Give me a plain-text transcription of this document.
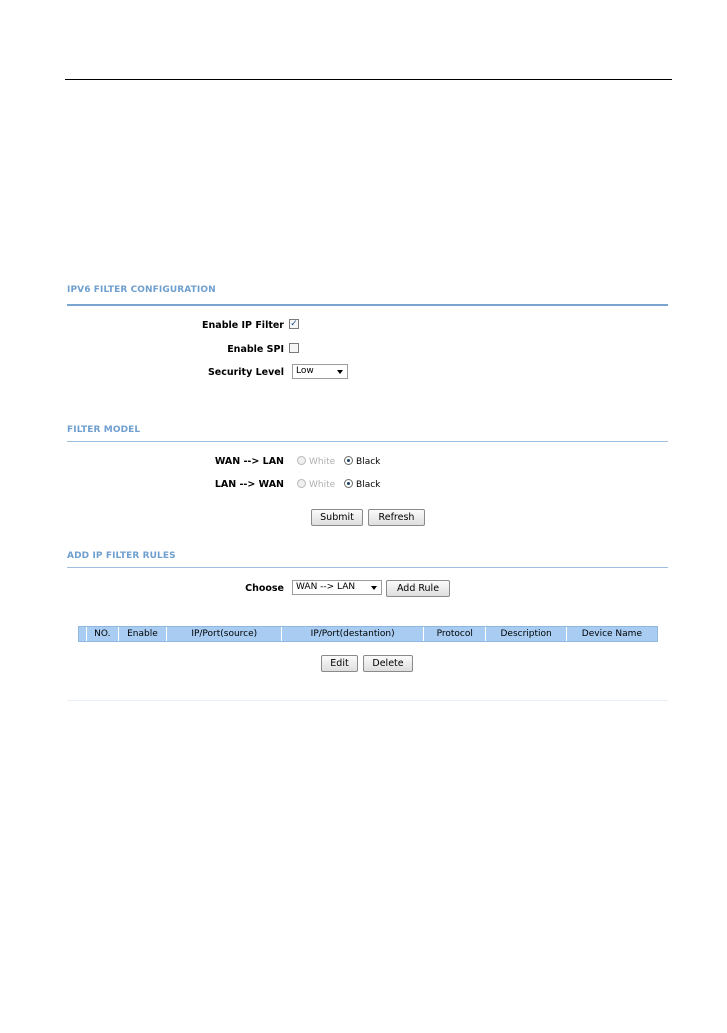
IPV6 FILTER CONFIGURATION
Enable IP Filter ✓
Enable SPI
Security Level	Low
FILTER MODEL
WAN --> LAN	White Black
LAN --> WAN	White Black
Submit	Refresh
ADD IP FILTER RULES
Choose	WAN --> LAN	Add Rule
NO.	Enable	IP/Port(source)	IP/Port(destantion)	Protocol	Description	Device Name
Edit	Delete
